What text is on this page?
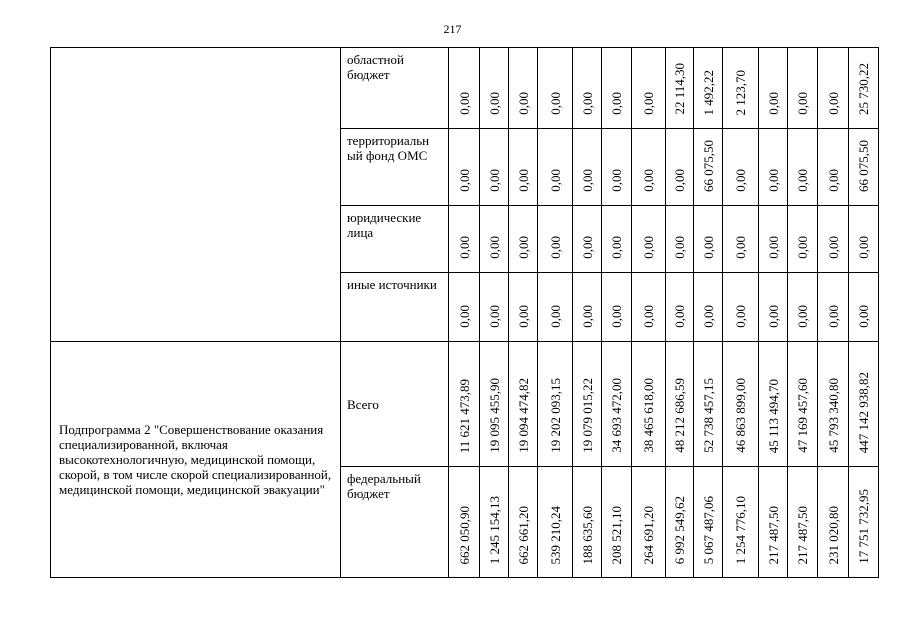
217
	областной бюджет	0,00	0,00	0,00	0,00	0,00	0,00	0,00	22 114,30	1 492,22	2 123,70	0,00	0,00	0,00	25 730,22
	территориальн ый фонд ОМС	0,00	0,00	0,00	0,00	0,00	0,00	0,00	0,00	66 075,50	0,00	0,00	0,00	0,00	66 075,50
	юридические лица	0,00	0,00	0,00	0,00	0,00	0,00	0,00	0,00	0,00	0,00	0,00	0,00	0,00	0,00
	иные источники	0,00	0,00	0,00	0,00	0,00	0,00	0,00	0,00	0,00	0,00	0,00	0,00	0,00	0,00
Подпрограмма 2 "Совершенствование оказания специализированной, включая высокотехнологичную, медицинской помощи, скорой, в том числе скорой специализированной, медицинской помощи, медицинской эвакуации"	Всего	11 621 473,89	19 095 455,90	19 094 474,82	19 202 093,15	19 079 015,22	34 693 472,00	38 465 618,00	48 212 686,59	52 738 457,15	46 863 899,00	45 113 494,70	47 169 457,60	45 793 340,80	447 142 938,82
	федеральный бюджет	662 050,90	1 245 154,13	662 661,20	539 210,24	188 635,60	208 521,10	264 691,20	6 992 549,62	5 067 487,06	1 254 776,10	217 487,50	217 487,50	231 020,80	17 751 732,95
